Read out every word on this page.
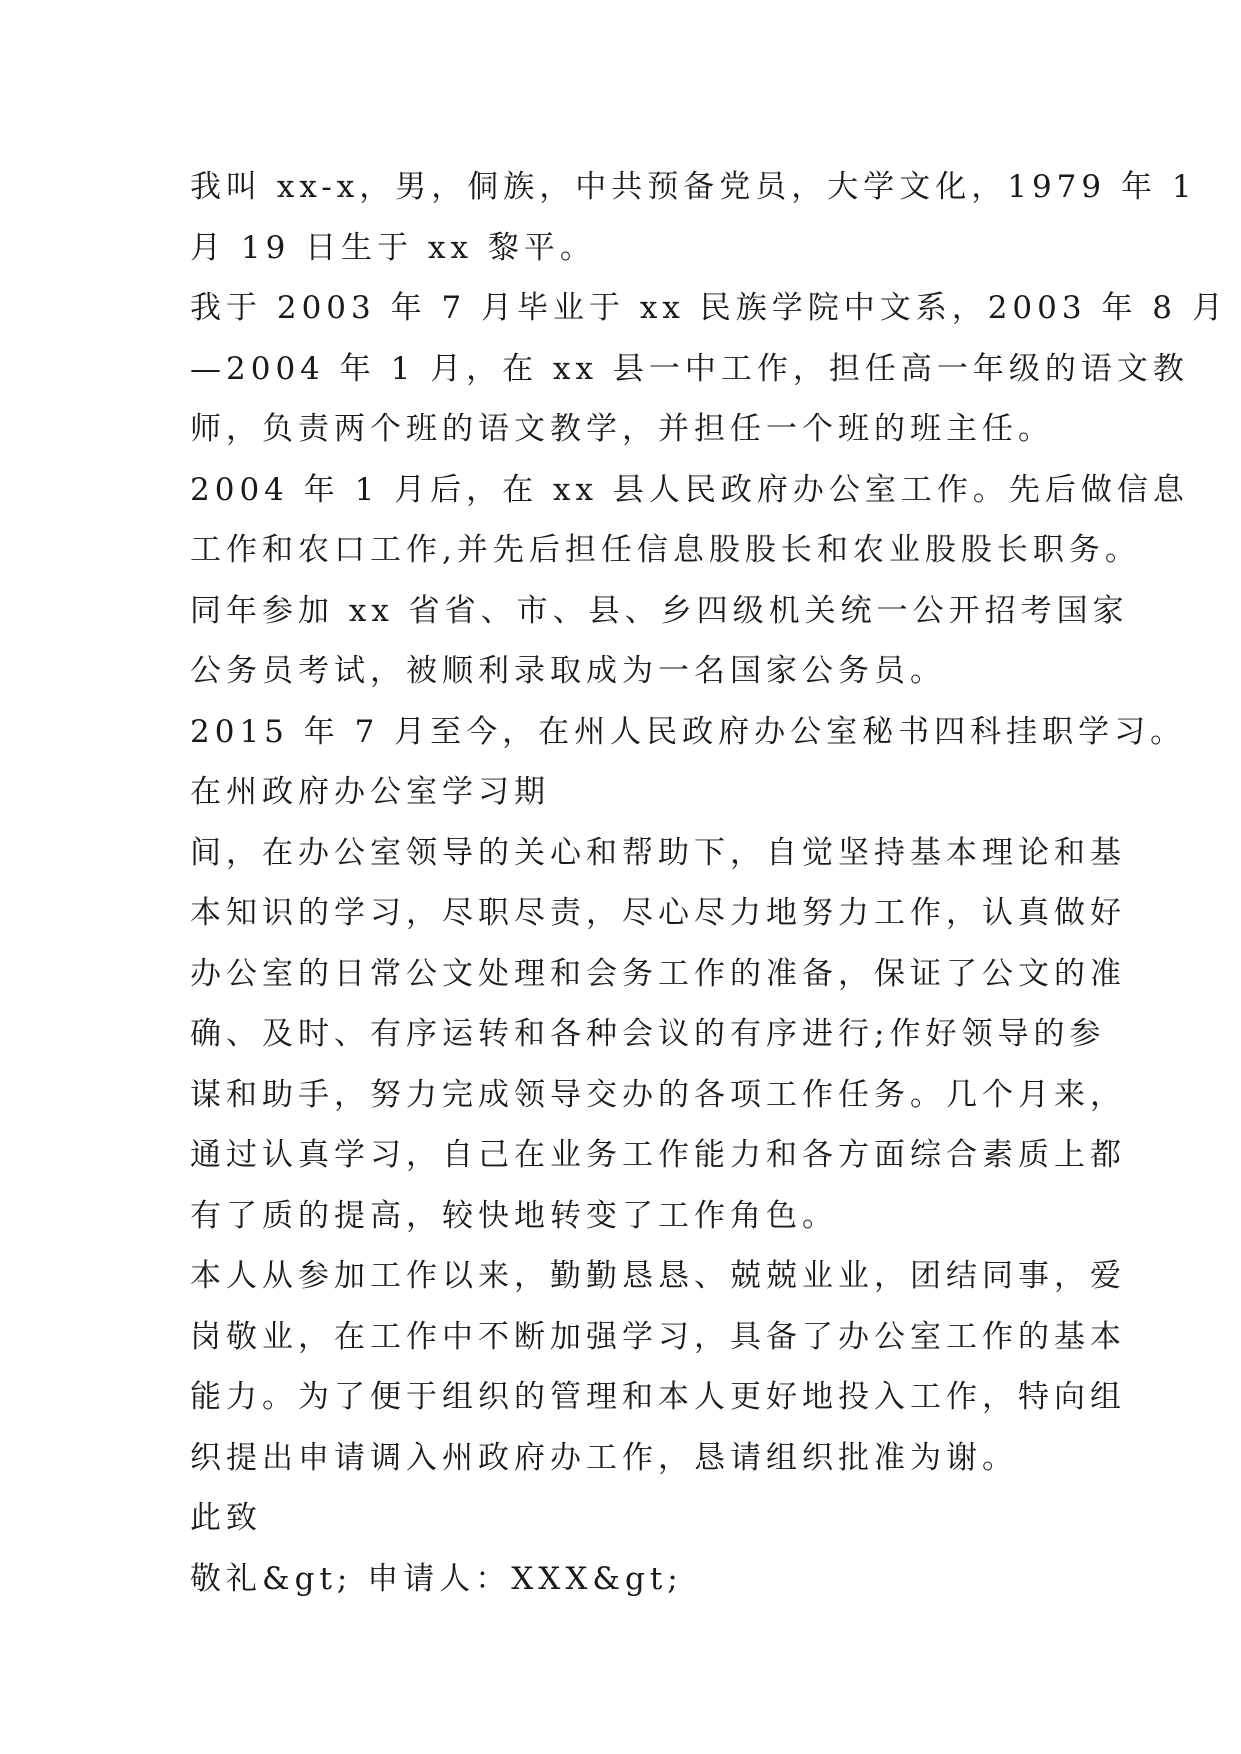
我叫 xx-x，男，侗族，中共预备党员，大学文化，1979 年 1
月 19 日生于 xx 黎平。
我于 2003 年 7 月毕业于 xx 民族学院中文系，2003 年 8 月
—2004 年 1 月，在 xx 县一中工作，担任高一年级的语文教
师，负责两个班的语文教学，并担任一个班的班主任。
2004 年 1 月后，在 xx 县人民政府办公室工作。先后做信息
工作和农口工作,并先后担任信息股股长和农业股股长职务。
同年参加 xx 省省、市、县、乡四级机关统一公开招考国家
公务员考试，被顺利录取成为一名国家公务员。
2015 年 7 月至今，在州人民政府办公室秘书四科挂职学习。
在州政府办公室学习期
间，在办公室领导的关心和帮助下，自觉坚持基本理论和基
本知识的学习，尽职尽责，尽心尽力地努力工作，认真做好
办公室的日常公文处理和会务工作的准备，保证了公文的准
确、及时、有序运转和各种会议的有序进行;作好领导的参
谋和助手，努力完成领导交办的各项工作任务。几个月来，
通过认真学习，自己在业务工作能力和各方面综合素质上都
有了质的提高，较快地转变了工作角色。
本人从参加工作以来，勤勤恳恳、兢兢业业，团结同事，爱
岗敬业，在工作中不断加强学习，具备了办公室工作的基本
能力。为了便于组织的管理和本人更好地投入工作，特向组
织提出申请调入州政府办工作，恳请组织批准为谢。
此致
敬礼&gt; 申请人：XXX&gt;
